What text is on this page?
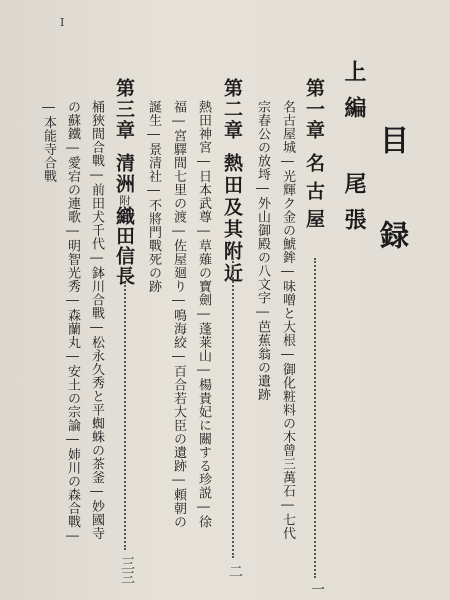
I
目 録
上編 尾張
第一章名古屋
一
名古屋城―光輝ク金の鯱鉾―味噌と大根―御化粧料の木曾三萬石―七代
宗春公の放埓―外山御殿の八文字―芭蕉翁の遺跡
第二章熱田及其附近
二
熱田神宮―日本武尊―草薙の寶劍―蓬莱山―楊貴妃に關する珍説―徐
福―宮驛間七里の渡―佐屋廻り―鳴海絞―百合若大臣の遺跡―頼朝の
誕生―景清社―不將門戰死の跡
第三章清洲附織田信長
三三
桶狹間合戰―前田犬千代―鉢川合戰―松永久秀と平蜘蛛の茶釜―妙國寺
の蘇鐵―愛宕の連歌―明智光秀―森蘭丸―安土の宗論―姉川の森合戰―
―本能寺合戰
